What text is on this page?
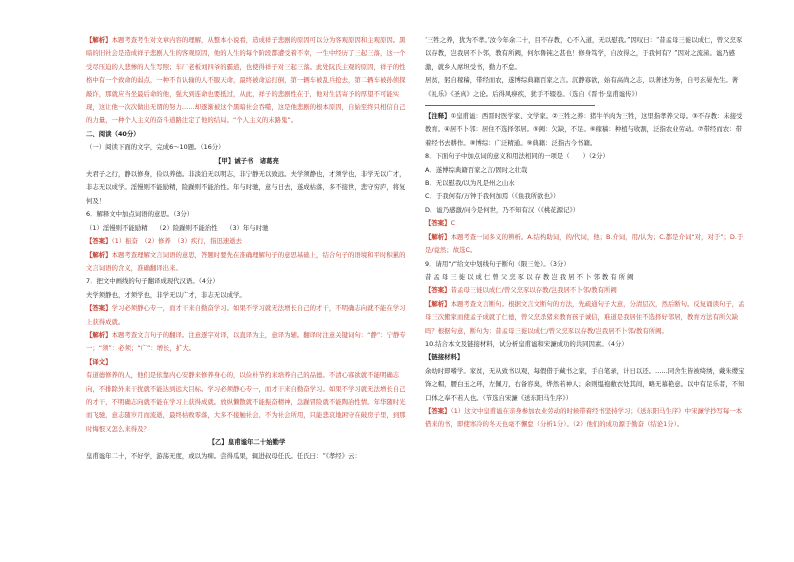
【解析】本题考查考生对文章内容的理解，从整本小说看，造成祥子悲剧的原因可以分为客观原因和主观原因。黑暗的旧社会是造成祥子悲剧人生的客观原因，他的人生的每个阶段都遭受着不幸，一生中经历了三起三落，这一个受尽压迫的人悲惨的人生写照；车厂老板刘四爷的霸道，也使得祥子对三起三落。此处阮氏主观的原因，祥子的性格中有一个致命的弱点，一种不肯认输的人不服天命，最终被命运打倒，第一辆车被乱兵抢去，第二辆车被孙侦探敲诈，那就应当坐最后命的他，强大到连命也要抵过，从此，祥子的悲剧性在于，他对生活寄予的厚望不可能实现，这让他一次次做出无谓的努力……却逐渐被这个黑暗社会吞噬，这是他悲剧的根本原因，自始至终只相信自己的力量，一种个人主义的奋斗道路注定了他的结局。“个人主义的末路鬼”。

二、阅读（40分）

（一）阅读下面的文字，完成6～10题。（16分）

【甲】诫子书　诸葛亮

夫君子之行，静以修身，俭以养德。非淡泊无以明志，非宁静无以致远。夫学须静也，才须学也，非学无以广才，非志无以成学。淫慢则不能励精，险躁则不能治性。年与时驰，意与日去，遂成枯落，多不接世，悲守穷庐，将复何及！

6．解释文中加点词语的意思。（3分）

（1）淫慢则不能励精　 （2）险躁则不能治性　 （3）年与时驰

【答案】（1）振奋　（2）修养　（3）疾行，指迅速逝去

【解析】本题考查理解文言词语的意思，答题时要先在准确理解句子的意思基础上，结合句子的语境和平时积累的文言词语的含义，准确翻译出来。

7．把文中画线的句子翻译成现代汉语。（4分）

夫学须静也，才须学也，非学无以广才，非志无以成学。

【答案】学习必须静心专一，而才干来自勤奋学习。如果不学习就无法增长自己的才干，不明确志向就不能在学习上获得成就。

【解析】本题考查文言句子的翻译。注意逐字对译，以直译为主，意译为辅。翻译时注意关键词句：“静”：宁静专一；“须”：必须；“广”：增长，扩大。

【译文】

有道德修养的人，他们是依靠内心安静来修养身心的，以俭朴节约来培养自己的品德。不清心寡欲就不能明确志向，不排除外来干扰就不能达到远大目标。学习必须静心专一，而才干来自勤奋学习。如果不学习就无法增长自己的才干，不明确志向就不能在学习上获得成就。放纵懒散就不能振奋精神，急躁冒险就不能陶冶性情。年华随时光而飞驰，意志随岁月而流逝，最终枯败零落，大多不接触社会、不为社会所用，只能悲哀地困守在破房子里，到那时悔恨又怎么来得及？

【乙】皇甫谧年二十始勤学

皇甫谧年二十，不好学，游荡无度，或以为痴。尝得瓜果，辄进叔母任氏。任氏曰：“《孝经》云：

‘三牲之养，犹为不孝。’汝今年余二十，目不存教，心不入道，无以慰我。”因叹曰：“昔孟母三徙以成仁，曾父烹豕以存教，岂我居不卜邻，教有所阙，何尔鲁钝之甚也！修身笃学，自汝得之，于我何有？”因对之流涕。谧乃感激，就乡人席坦受书，勤力不怠。

居贫，躬自稼穑，带经而农，遂博综典籍百家之言。沉静寡欲，始有高尚之志，以著述为务，自号玄晏先生。著《礼乐》《圣真》之论。后得风痹疾，犹手不辍卷。（选自《晋书·皇甫谧传》）

【注释】①皇甫谧：西晋时医学家、文学家。②三牲之养：猪牛羊肉为三牲，这里指孝养父母。③不存教：未接受教育。④居不卜邻：居住不选择邻居。⑤阙：欠缺，不足。⑥稼穑：种植与收割，泛指农业劳动。⑦带经而农：带着经书去耕作。⑧博综：广泛精通。⑨典籍：泛指古今书籍。

8．下面句子中加点词的意义和用法相同的一项是（　　）（2分）

A．遂博综典籍百家之言/固时之壮哉

B．无以慰我/以为凡是州之山水

C．于我何有/万钟于我何加焉（《鱼我所欲也》）

D．谧乃感激/问今是何世，乃不知有汉（《桃花源记》）

【答案】C

【解析】本题考查一词多义的辨析。A.结构助词，的/代词，他；B.介词，用/认为；C.都是介词“对，对于”；D.于是/竟然；故选C。

9．请用“/”给文中划线句子断句（限三处）。（3分）

昔 孟 母 三 徙 以 成 仁 曾 父 烹 豕 以 存 教 岂 我 居 不 卜 邻 教 有 所 阙

【答案】昔孟母三徙以成仁/曾父烹豕以存教/岂我居不卜邻/教有所阙

【解析】本题考查文言断句。根据文言文断句的方法，先疏通句子大意，分清层次，然后断句。反复诵读句子，孟母三次搬家而使孟子成就了仁德，曾父烹杀猪来教育孩子诚信，难道是我居住不选择好邻居，教育方法有所欠缺吗？根据句意，断句为：昔孟母三徙以成仁/曾父烹豕以存教/岂我居不卜邻/教有所阙。

10.结合本文及链接材料，试分析皇甫谧和宋濂成功的共同因素。（4分）

【链接材料】

余幼时即嗜学。家贫，无从致书以观，每假借于藏书之家，手自笔录，计日以还。……同舍生皆被绮绣，戴朱缨宝饰之帽，腰白玉之环，左佩刀，右备容臭，烨然若神人；余则缊袍敝衣处其间，略无慕艳意。以中有足乐者，不知口体之奉不若人也。（节选自宋濂《送东阳马生序》）

【答案】（1）这文中皇甫谧在亲身参加农业劳动的时候带着经书坚持学习；《送东阳马生序》中宋濂学抄写每一本借来的书，即使寒冷的冬天也毫不懈怠（分析1分）。（2）他们的成功源于勤奋（结论1分）。
